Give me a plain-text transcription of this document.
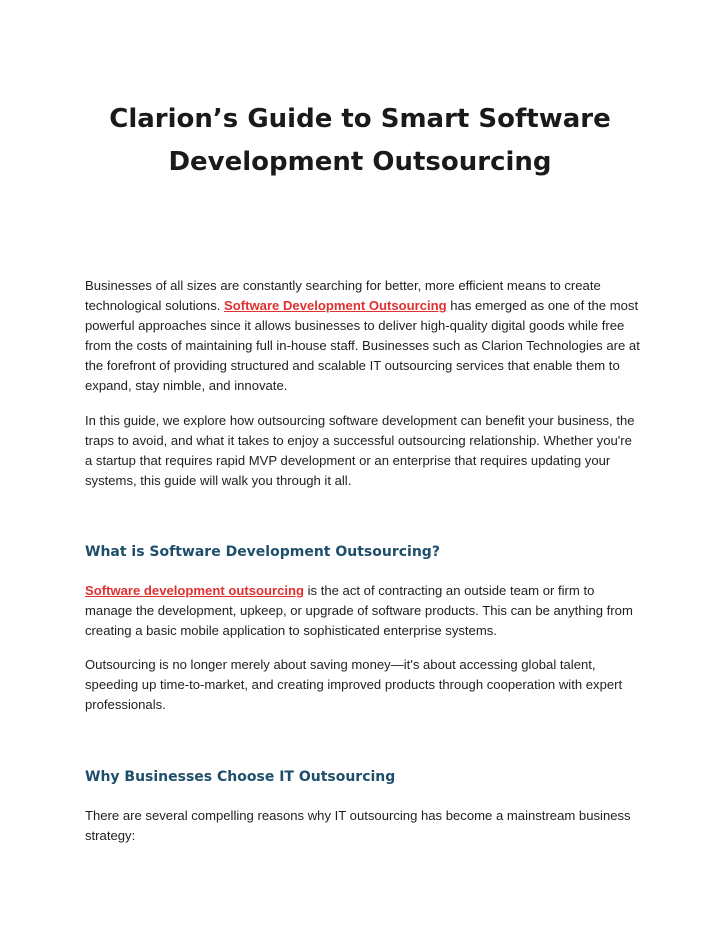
Clarion’s Guide to Smart Software
Development Outsourcing

Businesses of all sizes are constantly searching for better, more efficient means to create technological solutions. Software Development Outsourcing has emerged as one of the most powerful approaches since it allows businesses to deliver high-quality digital goods while free from the costs of maintaining full in-house staff. Businesses such as Clarion Technologies are at the forefront of providing structured and scalable IT outsourcing services that enable them to expand, stay nimble, and innovate.

In this guide, we explore how outsourcing software development can benefit your business, the traps to avoid, and what it takes to enjoy a successful outsourcing relationship. Whether you're a startup that requires rapid MVP development or an enterprise that requires updating your systems, this guide will walk you through it all.

What is Software Development Outsourcing?

Software development outsourcing is the act of contracting an outside team or firm to manage the development, upkeep, or upgrade of software products. This can be anything from creating a basic mobile application to sophisticated enterprise systems.

Outsourcing is no longer merely about saving money—it's about accessing global talent, speeding up time-to-market, and creating improved products through cooperation with expert professionals.

Why Businesses Choose IT Outsourcing

There are several compelling reasons why IT outsourcing has become a mainstream business strategy:
